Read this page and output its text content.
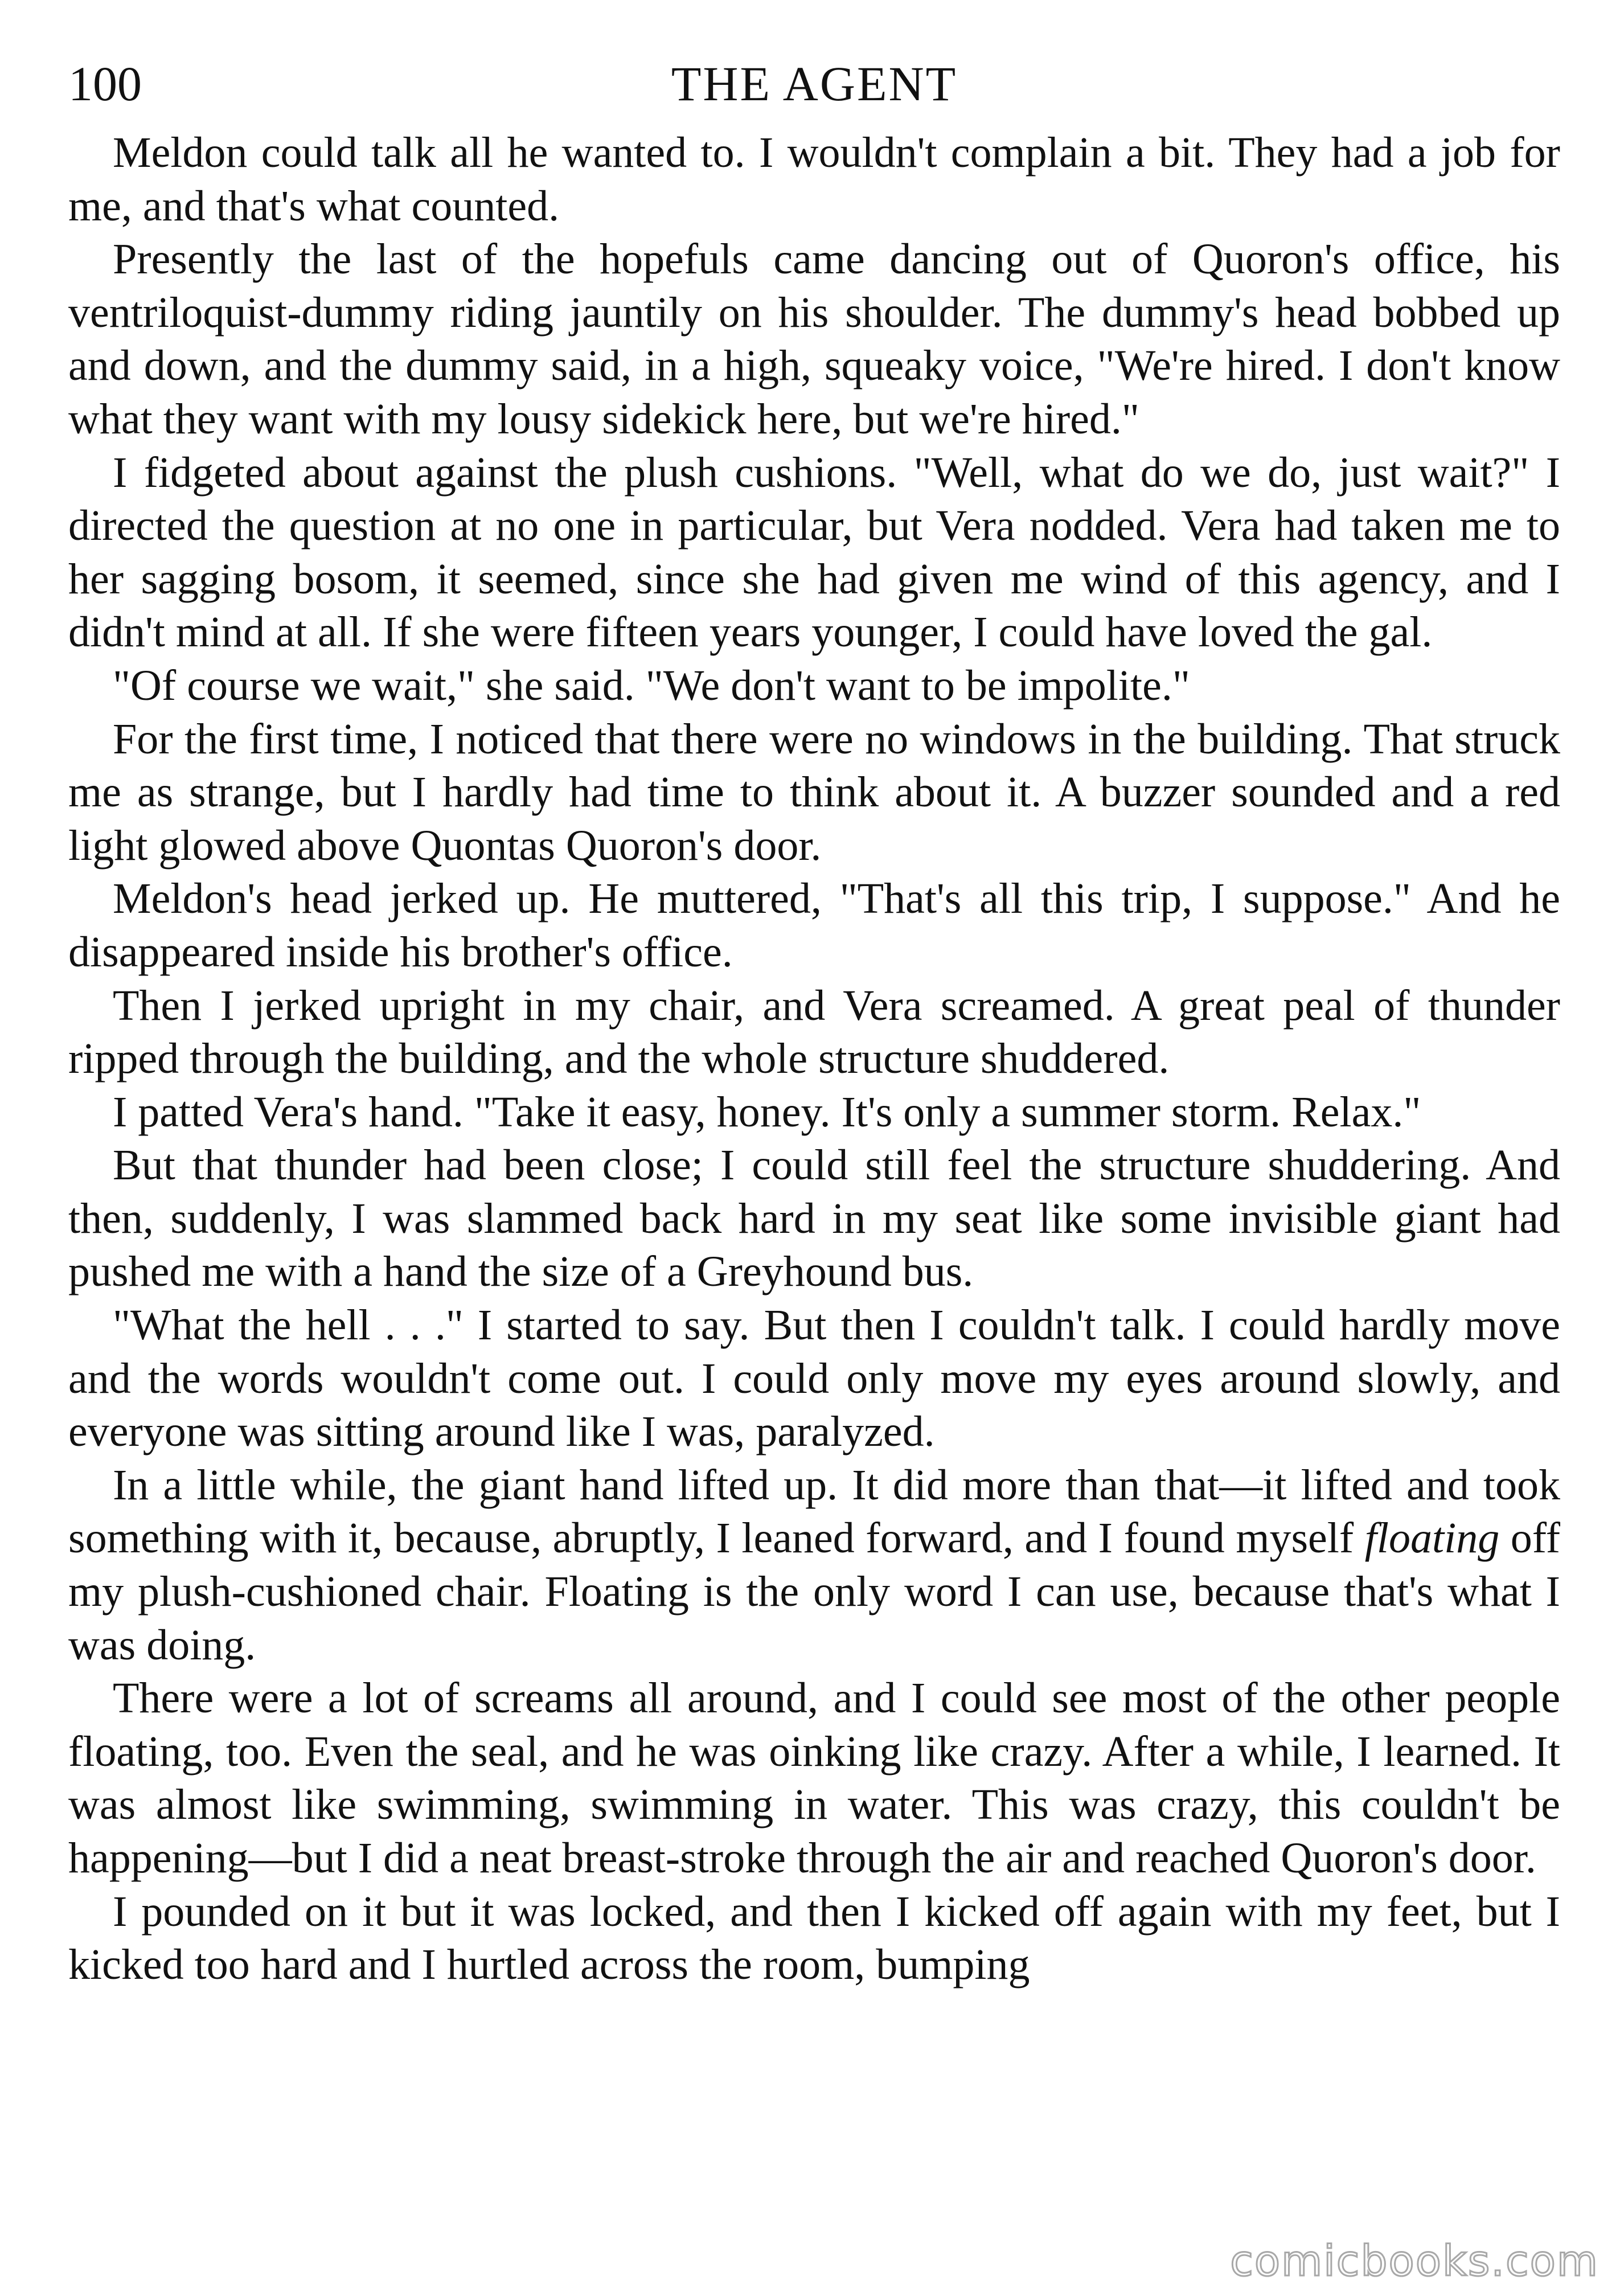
100	THE AGENT

Meldon could talk all he wanted to. I wouldn't complain a bit. They had a job for me, and that's what counted.

Presently the last of the hopefuls came dancing out of Quoron's office, his ventriloquist-dummy riding jauntily on his shoulder. The dummy's head bobbed up and down, and the dummy said, in a high, squeaky voice, "We're hired. I don't know what they want with my lousy sidekick here, but we're hired."

I fidgeted about against the plush cushions. "Well, what do we do, just wait?" I directed the question at no one in particular, but Vera nodded. Vera had taken me to her sagging bosom, it seemed, since she had given me wind of this agency, and I didn't mind at all. If she were fifteen years younger, I could have loved the gal.

"Of course we wait," she said. "We don't want to be impolite."

For the first time, I noticed that there were no windows in the building. That struck me as strange, but I hardly had time to think about it. A buzzer sounded and a red light glowed above Quontas Quoron's door.

Meldon's head jerked up. He muttered, "That's all this trip, I suppose." And he disappeared inside his brother's office.

Then I jerked upright in my chair, and Vera screamed. A great peal of thunder ripped through the building, and the whole structure shuddered.

I patted Vera's hand. "Take it easy, honey. It's only a summer storm. Relax."

But that thunder had been close; I could still feel the structure shuddering. And then, suddenly, I was slammed back hard in my seat like some invisible giant had pushed me with a hand the size of a Greyhound bus.

"What the hell . . ." I started to say. But then I couldn't talk. I could hardly move and the words wouldn't come out. I could only move my eyes around slowly, and everyone was sitting around like I was, paralyzed.

In a little while, the giant hand lifted up. It did more than that—it lifted and took something with it, because, abruptly, I leaned forward, and I found myself floating off my plush-cushioned chair. Floating is the only word I can use, because that's what I was doing.

There were a lot of screams all around, and I could see most of the other people floating, too. Even the seal, and he was oinking like crazy. After a while, I learned. It was almost like swimming, swimming in water. This was crazy, this couldn't be happening—but I did a neat breast-stroke through the air and reached Quoron's door.

I pounded on it but it was locked, and then I kicked off again with my feet, but I kicked too hard and I hurtled across the room, bumping

comicbooks.com
